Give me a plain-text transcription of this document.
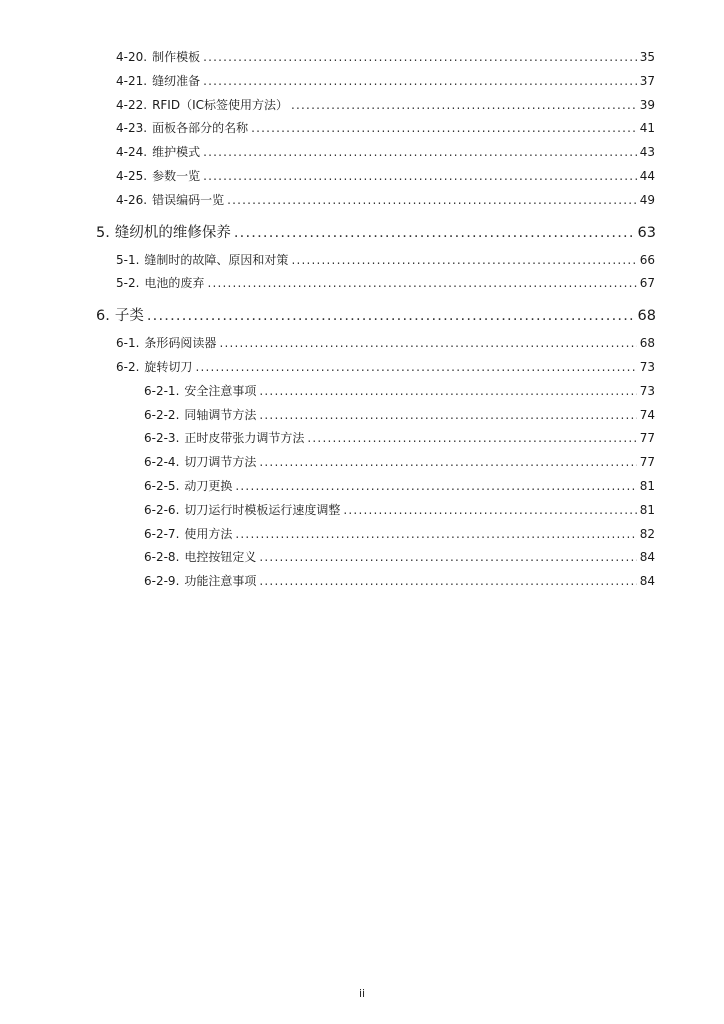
4-20. 制作模板 .....	35
4-21. 缝纫准备 .....	37
4-22. RFID（IC标签使用方法） .....	39
4-23. 面板各部分的名称 .....	41
4-24. 维护模式 .....	43
4-25. 参数一览 .....	44
4-26. 错误编码一览 .....	49
5. 缝纫机的维修保养 .....	63
5-1. 缝制时的故障、原因和对策 .....	66
5-2. 电池的废弃 .....	67
6. 子类 .....	68
6-1. 条形码阅读器 .....	68
6-2. 旋转切刀 .....	73
6-2-1. 安全注意事项 .....	73
6-2-2. 同轴调节方法 .....	74
6-2-3. 正时皮带张力调节方法 .....	77
6-2-4. 切刀调节方法 .....	77
6-2-5. 动刀更换 .....	81
6-2-6. 切刀运行时模板运行速度调整 .....	81
6-2-7. 使用方法 .....	82
6-2-8. 电控按钮定义 .....	84
6-2-9. 功能注意事项 .....	84
ii
